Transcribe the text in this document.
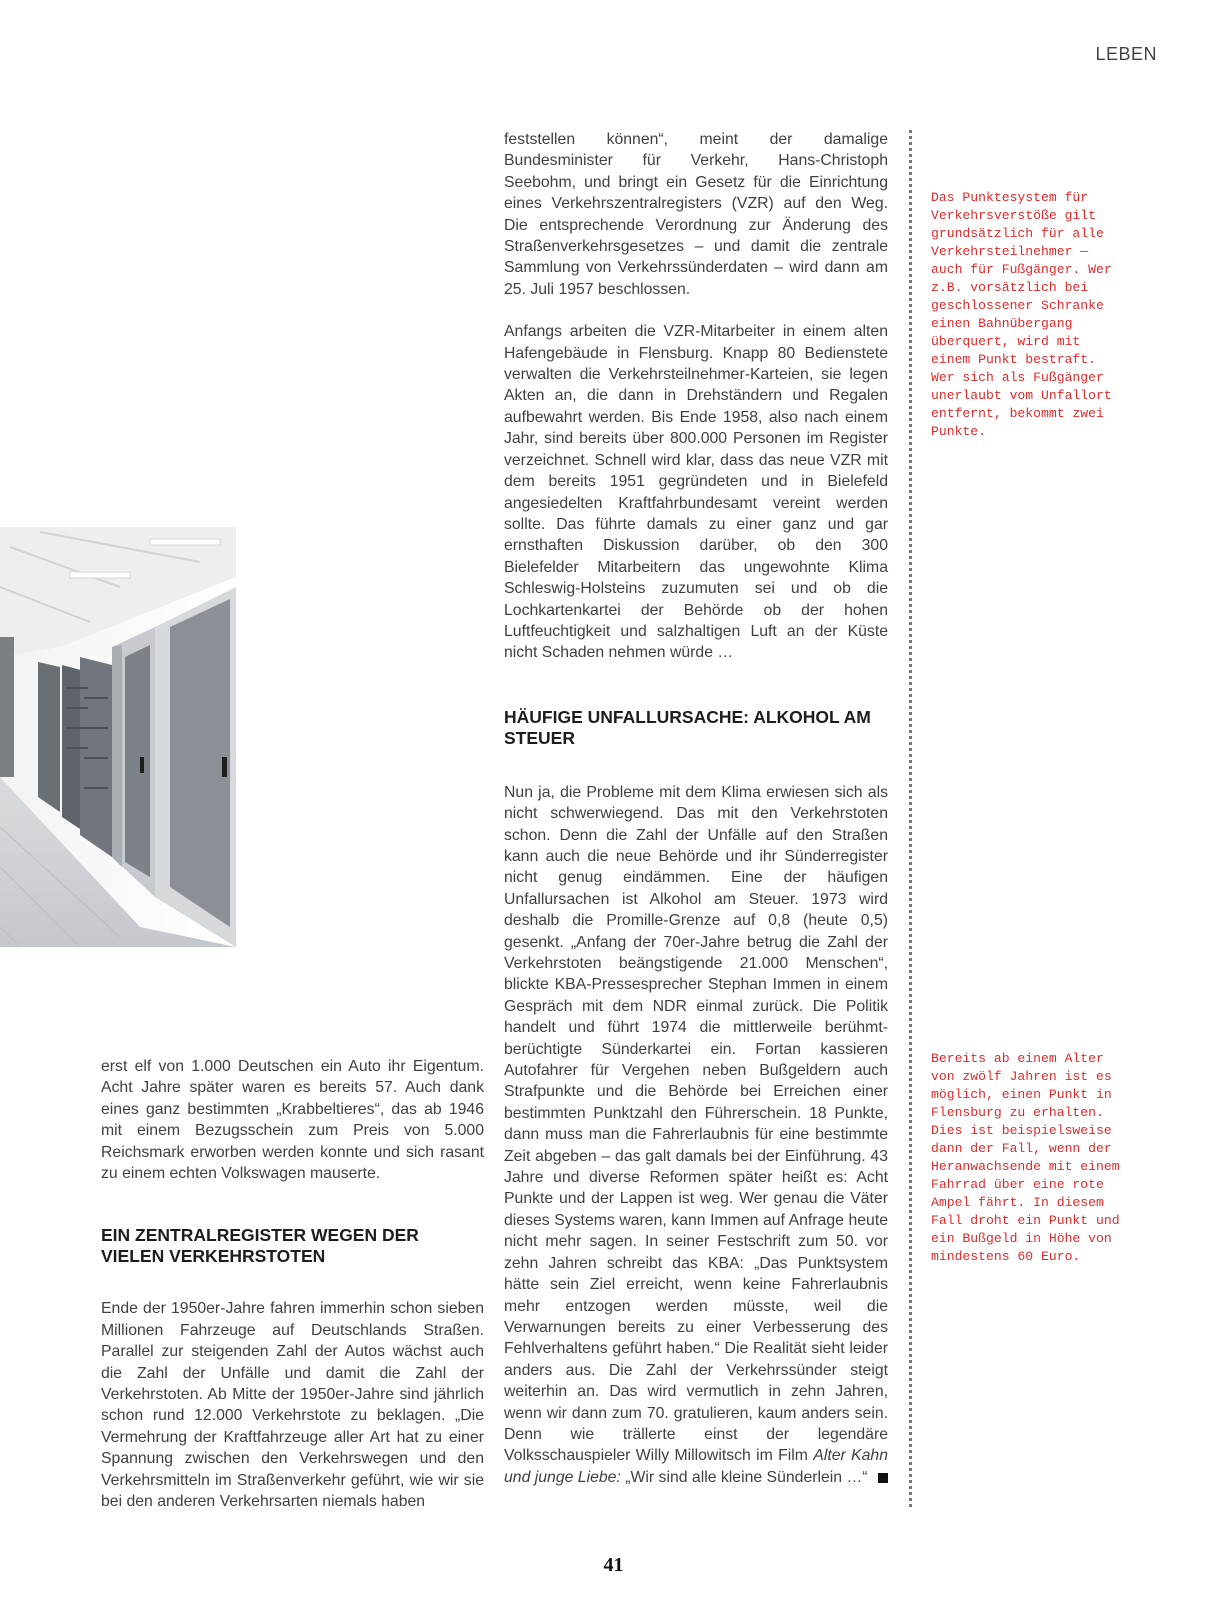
LEBEN

erst elf von 1.000 Deutschen ein Auto ihr Eigentum. Acht Jahre später waren es bereits 57. Auch dank eines ganz bestimmten „Krabbeltieres“, das ab 1946 mit einem Bezugsschein zum Preis von 5.000 Reichsmark erworben werden konnte und sich rasant zu einem echten Volkswagen mauserte.

EIN ZENTRALREGISTER WEGEN DER VIELEN VERKEHRSTOTEN

Ende der 1950er-Jahre fahren immerhin schon sieben Millionen Fahrzeuge auf Deutschlands Straßen. Parallel zur steigenden Zahl der Autos wächst auch die Zahl der Unfälle und damit die Zahl der Verkehrstoten. Ab Mitte der 1950er-Jahre sind jährlich schon rund 12.000 Verkehrstote zu beklagen. „Die Vermehrung der Kraftfahrzeuge aller Art hat zu einer Spannung zwischen den Verkehrswegen und den Verkehrsmitteln im Straßenverkehr geführt, wie wir sie bei den anderen Verkehrsarten niemals haben

feststellen können“, meint der damalige Bundesminister für Verkehr, Hans-Christoph Seebohm, und bringt ein Gesetz für die Einrichtung eines Verkehrszentralregisters (VZR) auf den Weg. Die entsprechende Verordnung zur Änderung des Straßenverkehrsgesetzes – und damit die zentrale Sammlung von Verkehrssünderdaten – wird dann am 25. Juli 1957 beschlossen.

Anfangs arbeiten die VZR-Mitarbeiter in einem alten Hafengebäude in Flensburg. Knapp 80 Bedienstete verwalten die Verkehrsteilnehmer-Karteien, sie legen Akten an, die dann in Drehständern und Regalen aufbewahrt werden. Bis Ende 1958, also nach einem Jahr, sind bereits über 800.000 Personen im Register verzeichnet. Schnell wird klar, dass das neue VZR mit dem bereits 1951 gegründeten und in Bielefeld angesiedelten Kraftfahrbundesamt vereint werden sollte. Das führte damals zu einer ganz und gar ernsthaften Diskussion darüber, ob den 300 Bielefelder Mitarbeitern das ungewohnte Klima Schleswig-Holsteins zuzumuten sei und ob die Lochkartenkartei der Behörde ob der hohen Luftfeuchtigkeit und salzhaltigen Luft an der Küste nicht Schaden nehmen würde …

HÄUFIGE UNFALLURSACHE: ALKOHOL AM STEUER

Nun ja, die Probleme mit dem Klima erwiesen sich als nicht schwerwiegend. Das mit den Verkehrstoten schon. Denn die Zahl der Unfälle auf den Straßen kann auch die neue Behörde und ihr Sünderregister nicht genug eindämmen. Eine der häufigen Unfallursachen ist Alkohol am Steuer. 1973 wird deshalb die Promille-Grenze auf 0,8 (heute 0,5) gesenkt. „Anfang der 70er-Jahre betrug die Zahl der Verkehrstoten beängstigende 21.000 Menschen“, blickte KBA-Pressesprecher Stephan Immen in einem Gespräch mit dem NDR einmal zurück. Die Politik handelt und führt 1974 die mittlerweile berühmt-berüchtigte Sünderkartei ein. Fortan kassieren Autofahrer für Vergehen neben Bußgeldern auch Strafpunkte und die Behörde bei Erreichen einer bestimmten Punktzahl den Führerschein. 18 Punkte, dann muss man die Fahrerlaubnis für eine bestimmte Zeit abgeben – das galt damals bei der Einführung. 43 Jahre und diverse Reformen später heißt es: Acht Punkte und der Lappen ist weg. Wer genau die Väter dieses Systems waren, kann Immen auf Anfrage heute nicht mehr sagen. In seiner Festschrift zum 50. vor zehn Jahren schreibt das KBA: „Das Punktsystem hätte sein Ziel erreicht, wenn keine Fahrerlaubnis mehr entzogen werden müsste, weil die Verwarnungen bereits zu einer Verbesserung des Fehlverhaltens geführt haben.“ Die Realität sieht leider anders aus. Die Zahl der Verkehrssünder steigt weiterhin an. Das wird vermutlich in zehn Jahren, wenn wir dann zum 70. gratulieren, kaum anders sein. Denn wie trällerte einst der legendäre Volksschauspieler Willy Millowitsch im Film Alter Kahn und junge Liebe: „Wir sind alle kleine Sünderlein …“

Das Punktesystem für Verkehrsverstöße gilt grundsätzlich für alle Verkehrsteilnehmer — auch für Fußgänger. Wer z.B. vorsätzlich bei geschlossener Schranke einen Bahnübergang überquert, wird mit einem Punkt bestraft. Wer sich als Fußgänger unerlaubt vom Unfallort entfernt, bekommt zwei Punkte.

Bereits ab einem Alter von zwölf Jahren ist es möglich, einen Punkt in Flensburg zu erhalten. Dies ist beispielsweise dann der Fall, wenn der Heranwachsende mit einem Fahrrad über eine rote Ampel fährt. In diesem Fall droht ein Punkt und ein Bußgeld in Höhe von mindestens 60 Euro.

41
